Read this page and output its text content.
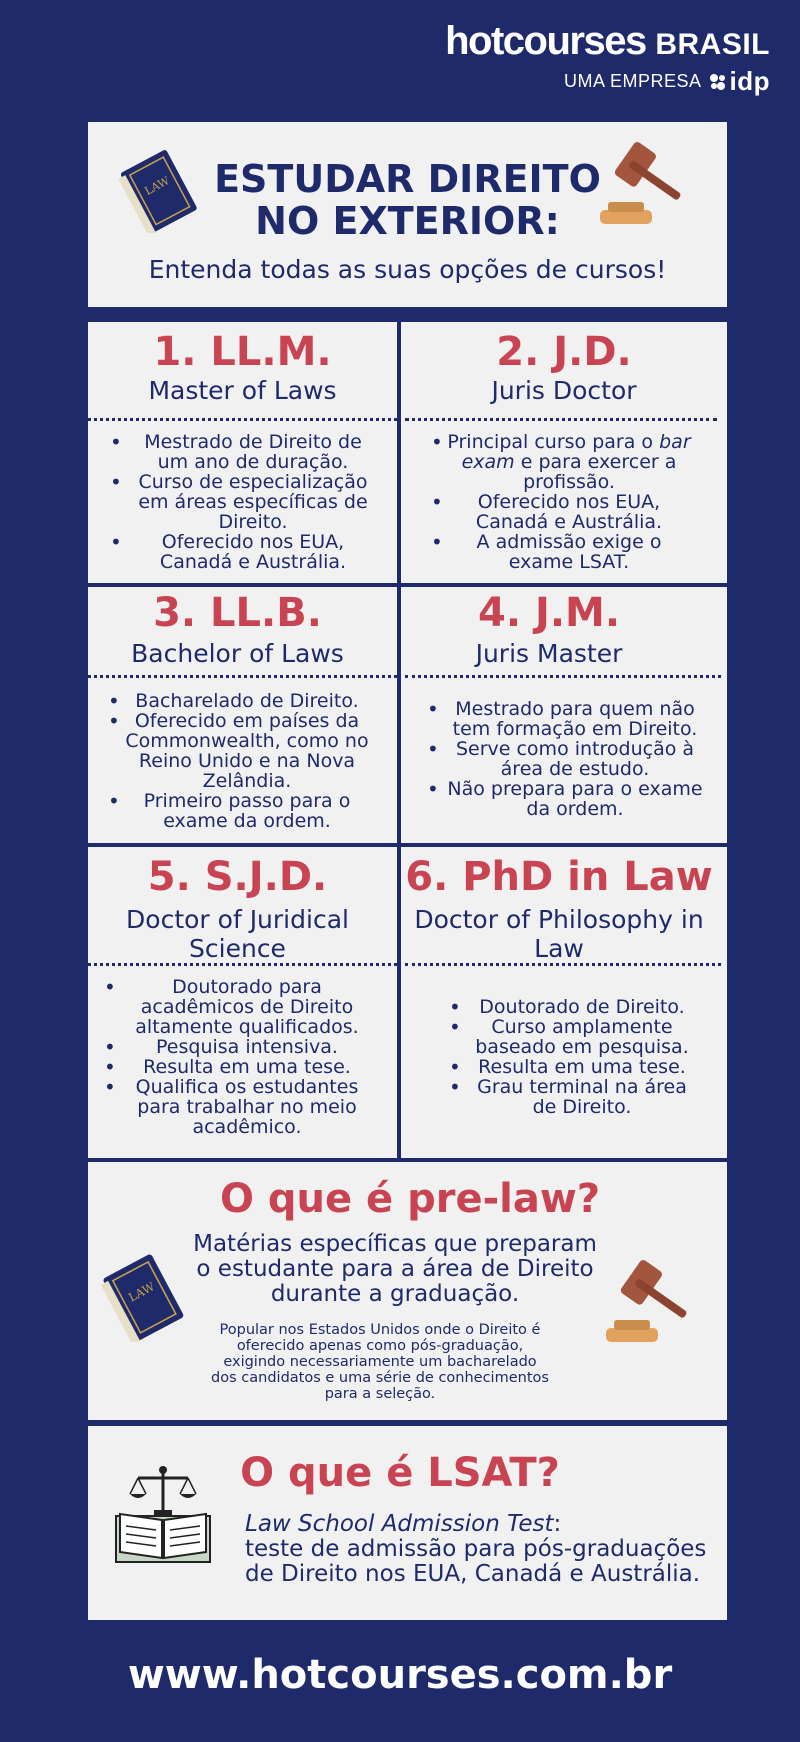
hotcourses BRASIL
UMA EMPRESA idp
LAW	ESTUDAR DIREITO
NO EXTERIOR:
Entenda todas as suas opções de cursos!
1. LL.M.
Master of Laws
• Mestrado de Direito de um ano de duração.
• Curso de especialização em áreas específicas de Direito.
• Oferecido nos EUA, Canadá e Austrália.
2. J.D.
Juris Doctor
• Principal curso para o bar exam e para exercer a profissão.
• Oferecido nos EUA, Canadá e Austrália.
• A admissão exige o exame LSAT.
3. LL.B.
Bachelor of Laws
• Bacharelado de Direito.
• Oferecido em países da Commonwealth, como no Reino Unido e na Nova Zelândia.
• Primeiro passo para o exame da ordem.
4. J.M.
Juris Master
• Mestrado para quem não tem formação em Direito.
• Serve como introdução à área de estudo.
• Não prepara para o exame da ordem.
5. S.J.D.
Doctor of Juridical Science
• Doutorado para acadêmicos de Direito altamente qualificados.
• Pesquisa intensiva.
• Resulta em uma tese.
• Qualifica os estudantes para trabalhar no meio acadêmico.
6. PhD in Law
Doctor of Philosophy in Law
• Doutorado de Direito.
• Curso amplamente baseado em pesquisa.
• Resulta em uma tese.
• Grau terminal na área de Direito.
O que é pre-law?
Matérias específicas que preparam o estudante para a área de Direito durante a graduação.
Popular nos Estados Unidos onde o Direito é oferecido apenas como pós-graduação, exigindo necessariamente um bacharelado dos candidatos e uma série de conhecimentos para a seleção.
LAW
O que é LSAT?
Law School Admission Test:
teste de admissão para pós-graduações de Direito nos EUA, Canadá e Austrália.
www.hotcourses.com.br
